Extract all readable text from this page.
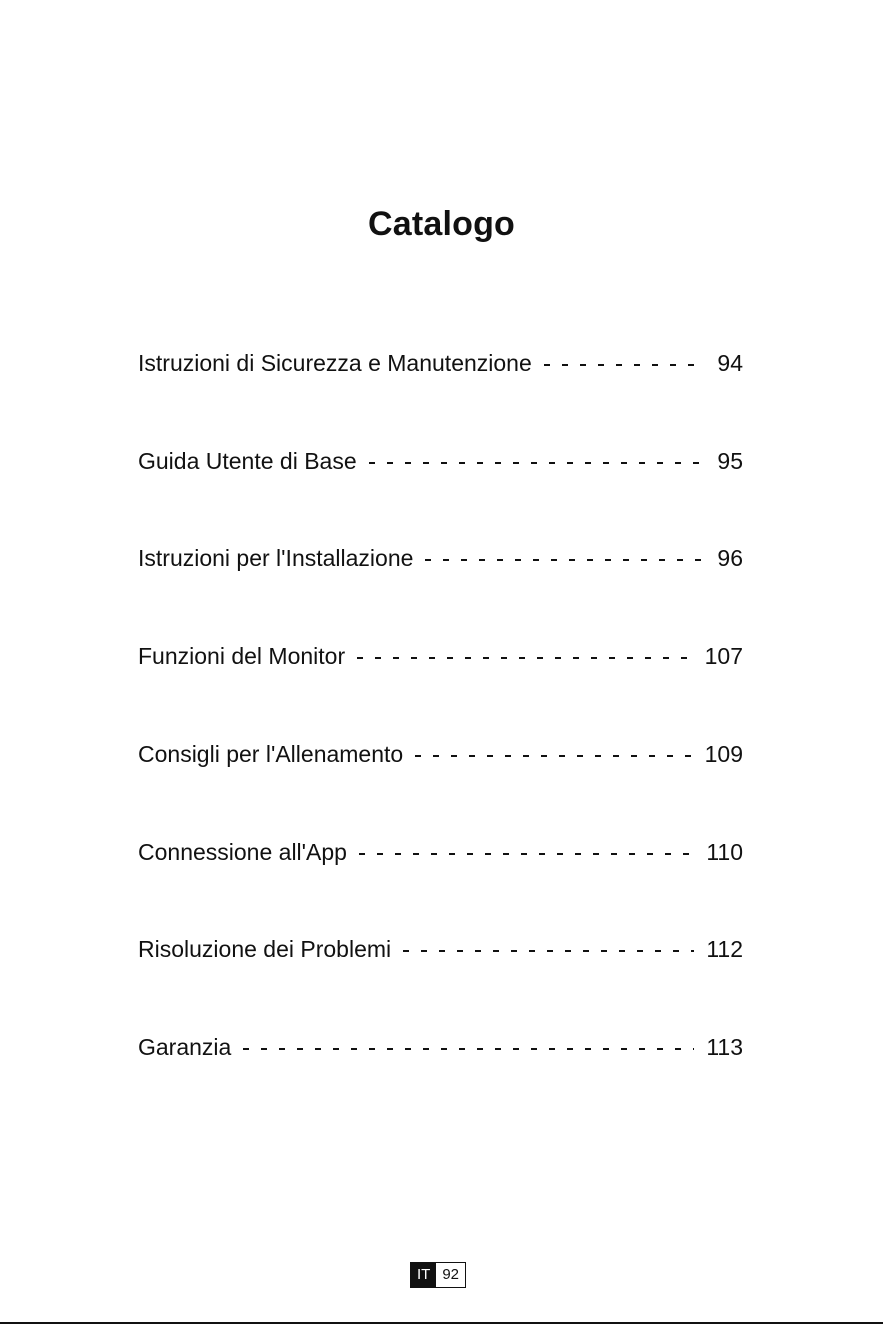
Catalogo
Istruzioni di Sicurezza e Manutenzione	94
Guida Utente di Base	95
Istruzioni per l'Installazione	96
Funzioni del Monitor	107
Consigli per l'Allenamento	109
Connessione all'App	110
Risoluzione dei Problemi	112
Garanzia	113
IT 92
